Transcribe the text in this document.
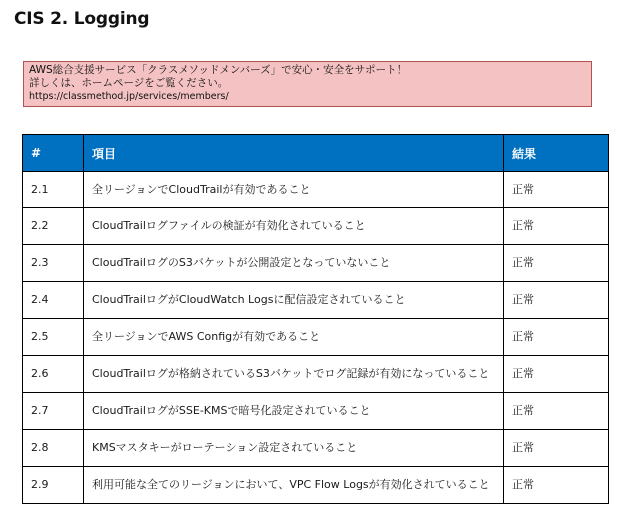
CIS 2. Logging
AWS総合支援サービス「クラスメソッドメンバーズ」で安心・安全をサポート！
詳しくは、ホームページをご覧ください。
https://classmethod.jp/services/members/
#	項目	結果
2.1	全リージョンでCloudTrailが有効であること	正常
2.2	CloudTrailログファイルの検証が有効化されていること	正常
2.3	CloudTrailログのS3バケットが公開設定となっていないこと	正常
2.4	CloudTrailログがCloudWatch Logsに配信設定されていること	正常
2.5	全リージョンでAWS Configが有効であること	正常
2.6	CloudTrailログが格納されているS3バケットでログ記録が有効になっていること	正常
2.7	CloudTrailログがSSE-KMSで暗号化設定されていること	正常
2.8	KMSマスタキーがローテーション設定されていること	正常
2.9	利用可能な全てのリージョンにおいて、VPC Flow Logsが有効化されていること	正常
